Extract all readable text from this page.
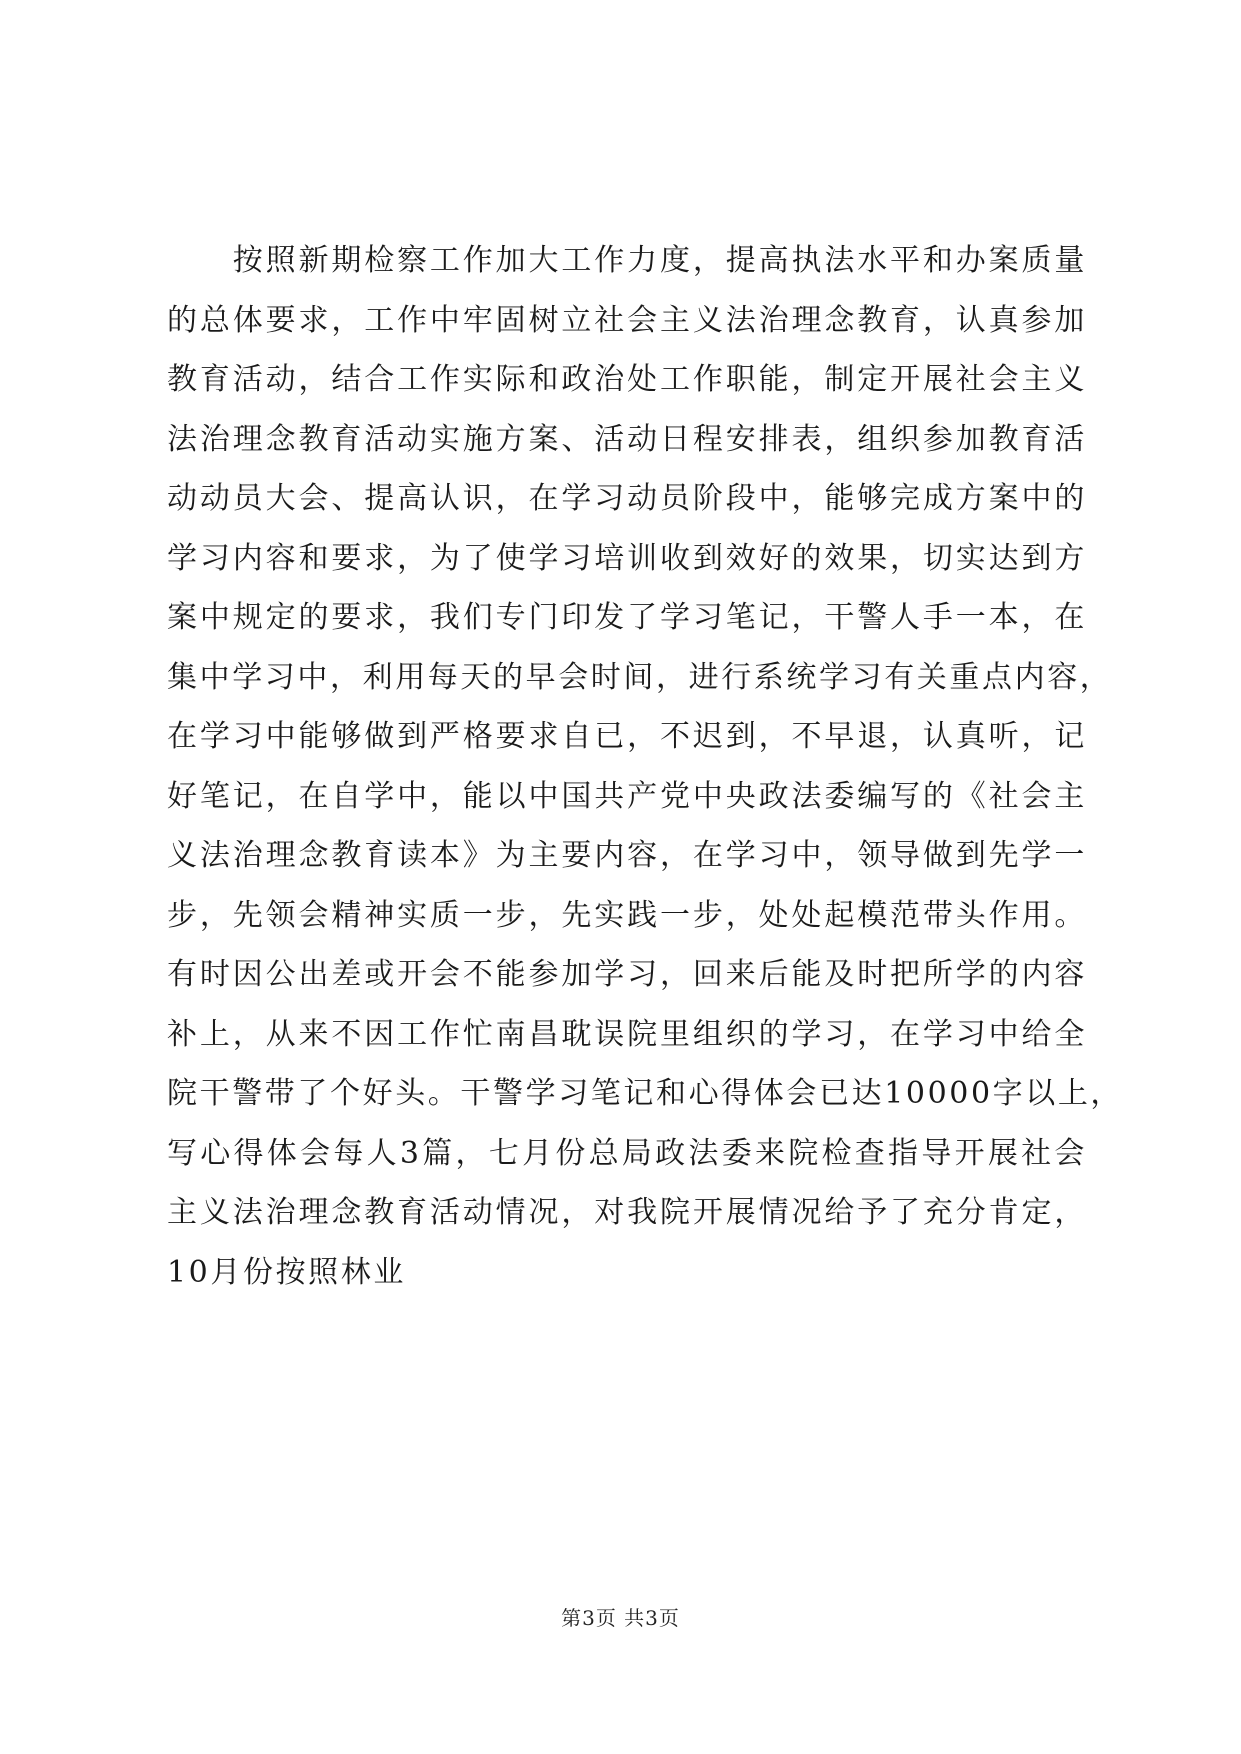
　　按照新期检察工作加大工作力度，提高执法水平和办案质量
的总体要求，工作中牢固树立社会主义法治理念教育，认真参加
教育活动，结合工作实际和政治处工作职能，制定开展社会主义
法治理念教育活动实施方案、活动日程安排表，组织参加教育活
动动员大会、提高认识，在学习动员阶段中，能够完成方案中的
学习内容和要求，为了使学习培训收到效好的效果，切实达到方
案中规定的要求，我们专门印发了学习笔记，干警人手一本，在
集中学习中，利用每天的早会时间，进行系统学习有关重点内容，
在学习中能够做到严格要求自已，不迟到，不早退，认真听，记
好笔记，在自学中，能以中国共产党中央政法委编写的《社会主
义法治理念教育读本》为主要内容，在学习中，领导做到先学一
步，先领会精神实质一步，先实践一步，处处起模范带头作用。
有时因公出差或开会不能参加学习，回来后能及时把所学的内容
补上，从来不因工作忙南昌耽误院里组织的学习，在学习中给全
院干警带了个好头。干警学习笔记和心得体会已达10000字以上，
写心得体会每人3篇，七月份总局政法委来院检查指导开展社会
主义法治理念教育活动情况，对我院开展情况给予了充分肯定，
10月份按照林业
第3页 共3页
